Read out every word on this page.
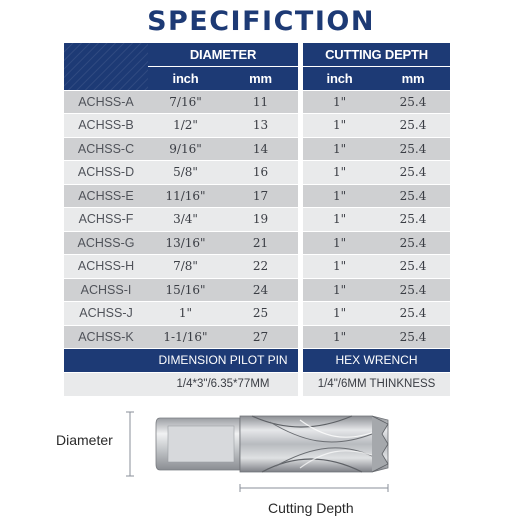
SPECIFICTION
	DIAMETER			CUTTING DEPTH	
	inch	mm		inch	mm
ACHSS-A	7/16"	11		1"	25.4
ACHSS-B	1/2"	13		1"	25.4
ACHSS-C	9/16"	14		1"	25.4
ACHSS-D	5/8"	16		1"	25.4
ACHSS-E	11/16"	17		1"	25.4
ACHSS-F	3/4"	19		1"	25.4
ACHSS-G	13/16"	21		1"	25.4
ACHSS-H	7/8"	22		1"	25.4
ACHSS-I	15/16"	24		1"	25.4
ACHSS-J	1"	25		1"	25.4
ACHSS-K	1-1/16"	27		1"	25.4
	DIMENSION PILOT PIN			HEX WRENCH	
	1/4*3"/6.35*77MM			1/4"/6MM THINKNESS	
Diameter
Cutting Depth
